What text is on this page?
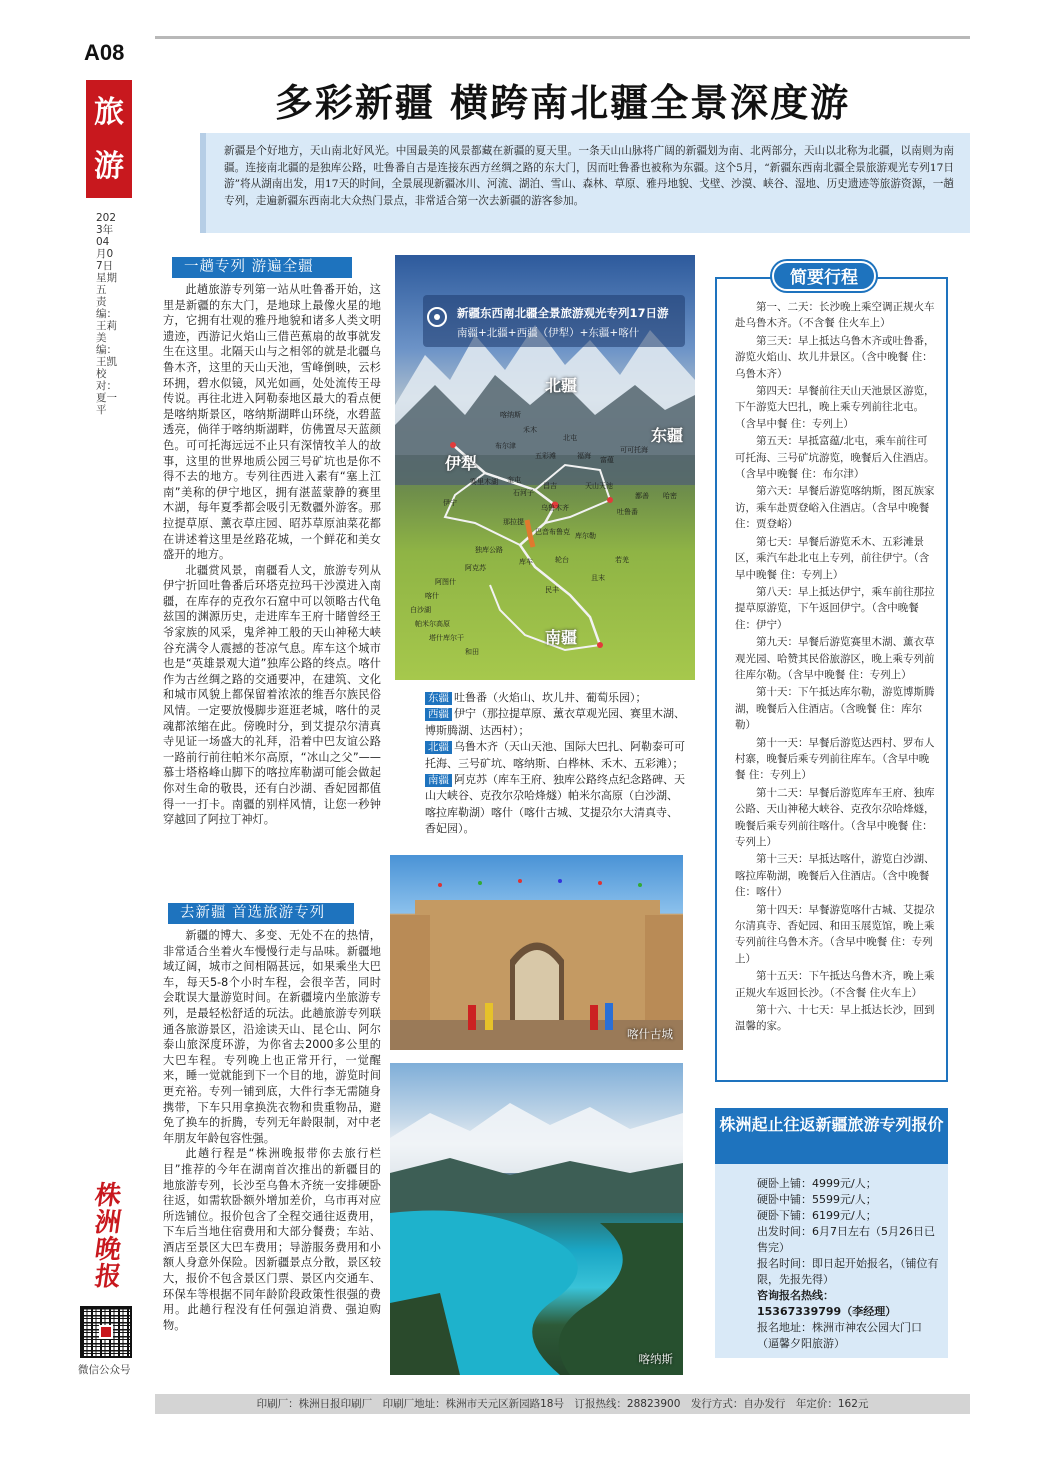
A08
旅游
2023年04月07日 星期五 责编：王莉 美编：王凯 校对：夏一平
株
洲
晚
报
微信公众号
多彩新疆 横跨南北疆全景深度游
新疆是个好地方，天山南北好风光。中国最美的风景都藏在新疆的夏天里。一条天山山脉将广阔的新疆划为南、北两部分，天山以北称为北疆，以南则为南疆。连接南北疆的是独库公路，吐鲁番自古是连接东西方丝绸之路的东大门，因而吐鲁番也被称为东疆。这个5月，“新疆东西南北疆全景旅游观光专列17日游”将从湖南出发，用17天的时间，全景展现新疆冰川、河流、湖泊、雪山、森林、草原、雅丹地貌、戈壁、沙漠、峡谷、湿地、历史遗迹等旅游资源，一趟专列，走遍新疆东西南北大众热门景点，非常适合第一次去新疆的游客参加。
一趟专列 游遍全疆

此趟旅游专列第一站从吐鲁番开始，这里是新疆的东大门，是地球上最像火星的地方，它拥有壮观的雅丹地貌和诸多人类文明遗迹，西游记火焰山三借芭蕉扇的故事就发生在这里。北隔天山与之相邻的就是北疆乌鲁木齐，这里的天山天池，雪峰倒映，云杉环拥，碧水似镜，风光如画，处处流传王母传说。再往北进入阿勒泰地区最大的看点便是喀纳斯景区，喀纳斯湖畔山环绕，水碧蓝透亮，倘徉于喀纳斯湖畔，仿佛置尽天蓝颜色。可可托海远远不止只有深情牧羊人的故事，这里的世界地质公园三号矿坑也是你不得不去的地方。专列往西进入素有“塞上江南”美称的伊宁地区，拥有湛蓝蒙静的赛里木湖，每年夏季都会吸引无数疆外游客。那拉提草原、薰衣草庄园、昭苏草原油菜花都在讲述着这里是丝路花城，一个鲜花和美女盛开的地方。

北疆赏风景，南疆看人文，旅游专列从伊宁折回吐鲁番后环塔克拉玛干沙漠进入南疆，在库存的克孜尔石窟中可以领略古代龟兹国的渊源历史，走进库车王府十睹曾经王爷家族的风采，鬼斧神工般的天山神秘大峡谷充满令人震撼的苍凉气息。库车这个城市也是“英雄景观大道”独库公路的终点。喀什作为古丝绸之路的交通要冲，在建筑、文化和城市风貌上都保留着浓浓的维吾尔族民俗风情。一定要放慢脚步逛逛老城，喀什的灵魂都浓缩在此。傍晚时分，到艾提尕尔清真寺见证一场盛大的礼拜，沿着中巴友谊公路一路前行前往帕米尔高原，“冰山之父”——慕士塔格峰山脚下的喀拉库勒湖可能会做起你对生命的敬畏，还有白沙湖、香妃园都值得一一打卡。南疆的别样风情，让您一秒钟穿越回了阿拉丁神灯。

去新疆 首选旅游专列

新疆的博大、多变、无处不在的热情，非常适合坐着火车慢慢行走与品味。新疆地域辽阔，城市之间相隔甚远，如果乘坐大巴车，每天5-8个小时车程，会很辛苦，同时会耽误大量游览时间。在新疆境内坐旅游专列，是最轻松舒适的玩法。此趟旅游专列联通各旅游景区，沿途读天山、昆仑山、阿尔泰山旅深度环游，为你省去2000多公里的大巴车程。专列晚上也正常开行，一觉醒来，睡一觉就能到下一个目的地，游览时间更充裕。专列一铺到底，大件行李无需随身携带，下车只用拿换洗衣物和贵重物品，避免了换车的折腾，专列无年龄限制，对中老年朋友年龄包容性强。

此趟行程是“株洲晚报带你去旅行栏目”推荐的今年在湖南首次推出的新疆目的地旅游专列，长沙至乌鲁木齐统一安排硬卧往返，如需软卧额外增加差价，乌市再对应所选铺位。报价包含了全程交通往返费用，下车后当地住宿费用和大部分餐费；车站、酒店至景区大巴车费用；导游服务费用和小额人身意外保险。因新疆景点分散，景区较大，报价不包含景区门票、景区内交通车、环保车等根据不同年龄阶段政策性很强的费用。此趟行程没有任何强迫消费、强迫购物。

新疆东西南北疆全景旅游观光专列17日游
南疆+北疆+西疆（伊犁）+东疆+喀什
北疆
东疆
伊犁
南疆
喀纳斯
禾木
布尔津
北屯
福海
可可托海
富蕴
五彩滩
赛里木湖 奎屯
石河子
昌吉
乌鲁木齐
天山天池
吐鲁番
鄯善 哈密
伊宁
那拉提
巴音布鲁克
独库公路
库尔勒
轮台
库车
阿克苏
阿图什
喀什
白沙湖
帕米尔高原
塔什库尔干
和田
若羌
且末
民丰

东疆 吐鲁番（火焰山、坎儿井、葡萄乐园）；

西疆 伊宁（那拉提草原、薰衣草观光园、赛里木湖、博斯腾湖、达西村）；

北疆 乌鲁木齐（天山天池、国际大巴扎、阿勒泰可可托海、三号矿坑、喀纳斯、白桦林、禾木、五彩滩）；

南疆 阿克苏（库车王府、独库公路终点纪念路碑、天山大峡谷、克孜尔尕哈烽燧）帕米尔高原（白沙湖、喀拉库勒湖）喀什（喀什古城、艾提尕尔大清真寺、香妃园）。

喀什古城
喀纳斯

第一、二天：长沙晚上乘空调正规火车赴乌鲁木齐。（不含餐 住火车上）

第三天：早上抵达乌鲁木齐或吐鲁番，游览火焰山、坎儿井景区。（含中晚餐 住：乌鲁木齐）

第四天：早餐前往天山天池景区游览，下午游览大巴扎，晚上乘专列前往北屯。（含早中餐 住：专列上）

第五天：早抵富蕴/北屯，乘车前往可可托海、三号矿坑游览，晚餐后入住酒店。（含早中晚餐 住：布尔津）

第六天：早餐后游览喀纳斯，图瓦族家访，乘车赴贾登峪入住酒店。（含早中晚餐 住：贾登峪）

第七天：早餐后游览禾木、五彩滩景区，乘汽车赴北屯上专列，前往伊宁。（含早中晚餐 住：专列上）

第八天：早上抵达伊宁，乘车前往那拉提草原游览，下午返回伊宁。（含中晚餐 住：伊宁）

第九天：早餐后游览赛里木湖、薰衣草观光园、哈赞其民俗旅游区，晚上乘专列前往库尔勒。（含早中晚餐 住：专列上）

第十天：下午抵达库尔勒，游览博斯腾湖，晚餐后入住酒店。（含晚餐 住：库尔勒）

第十一天：早餐后游览达西村、罗布人村寨，晚餐后乘专列前往库车。（含早中晚餐 住：专列上）

第十二天：早餐后游览库车王府、独库公路、天山神秘大峡谷、克孜尔尕哈烽燧，晚餐后乘专列前往喀什。（含早中晚餐 住：专列上）

第十三天：早抵达喀什，游览白沙湖、喀拉库勒湖，晚餐后入住酒店。（含中晚餐 住：喀什）

第十四天：早餐游览喀什古城、艾提尕尔清真寺、香妃园、和田玉展览馆，晚上乘专列前往乌鲁木齐。（含早中晚餐 住：专列上）

第十五天：下午抵达乌鲁木齐，晚上乘正规火车返回长沙。（不含餐 住火车上）

第十六、十七天：早上抵达长沙，回到温馨的家。

简要行程
株洲起止往返新疆旅游专列报价
硬卧上铺：4999元/人；
硬卧中铺：5599元/人；
硬卧下铺：6199元/人；
出发时间：6月7日左右（5月26日已售完）
报名时间：即日起开始报名，（铺位有限，先报先得）
咨询报名热线：
15367339799（李经理）
报名地址：株洲市神农公园大门口（逼馨夕阳旅游）
印刷厂：株洲日报印刷厂　印刷厂地址：株洲市天元区新园路18号　订报热线：28823900　发行方式：自办发行　年定价：162元
